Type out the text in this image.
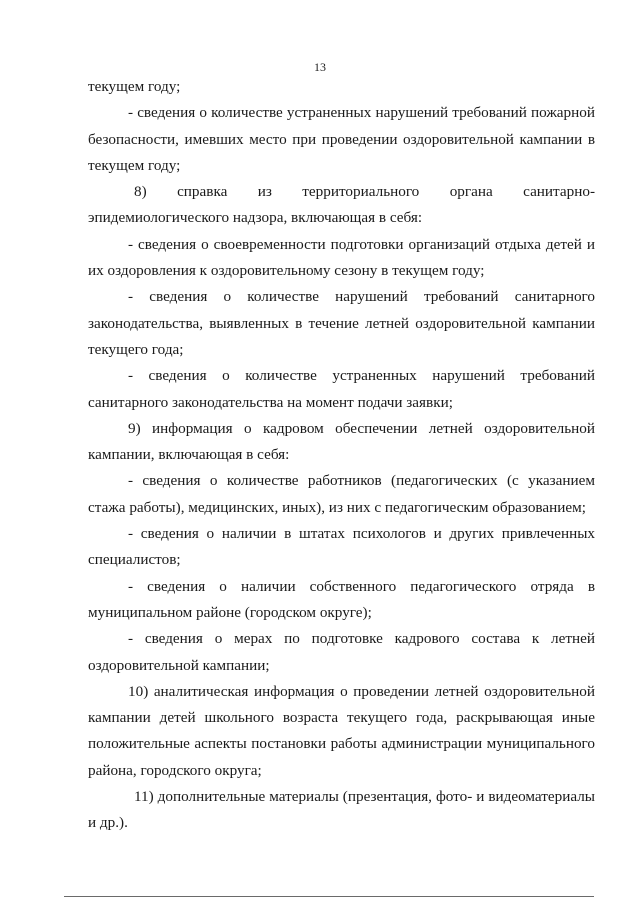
13

текущем году;

- сведения о количестве устраненных нарушений требований пожарной безопасности, имевших место при проведении оздоровительной кампании в текущем году;

8) справка из территориального органа санитарно-эпидемиологического надзора, включающая в себя:

- сведения о своевременности подготовки организаций отдыха детей и их оздоровления к оздоровительному сезону в текущем году;

- сведения о количестве нарушений требований санитарного законодательства, выявленных в течение летней оздоровительной кампании текущего года;

- сведения о количестве устраненных нарушений требований санитарного законодательства на момент подачи заявки;

9) информация о кадровом обеспечении летней оздоровительной кампании, включающая в себя:

- сведения о количестве работников (педагогических (с указанием стажа работы), медицинских, иных), из них с педагогическим образованием;

- сведения о наличии в штатах психологов и других привлеченных специалистов;

- сведения о наличии собственного педагогического отряда в муниципальном районе (городском округе);

- сведения о мерах по подготовке кадрового состава к летней оздоровительной кампании;

10) аналитическая информация о проведении летней оздоровительной кампании детей школьного возраста текущего года, раскрывающая иные положительные аспекты постановки работы администрации муниципального района, городского округа;

11) дополнительные материалы (презентация, фото- и видеоматериалы и др.).
